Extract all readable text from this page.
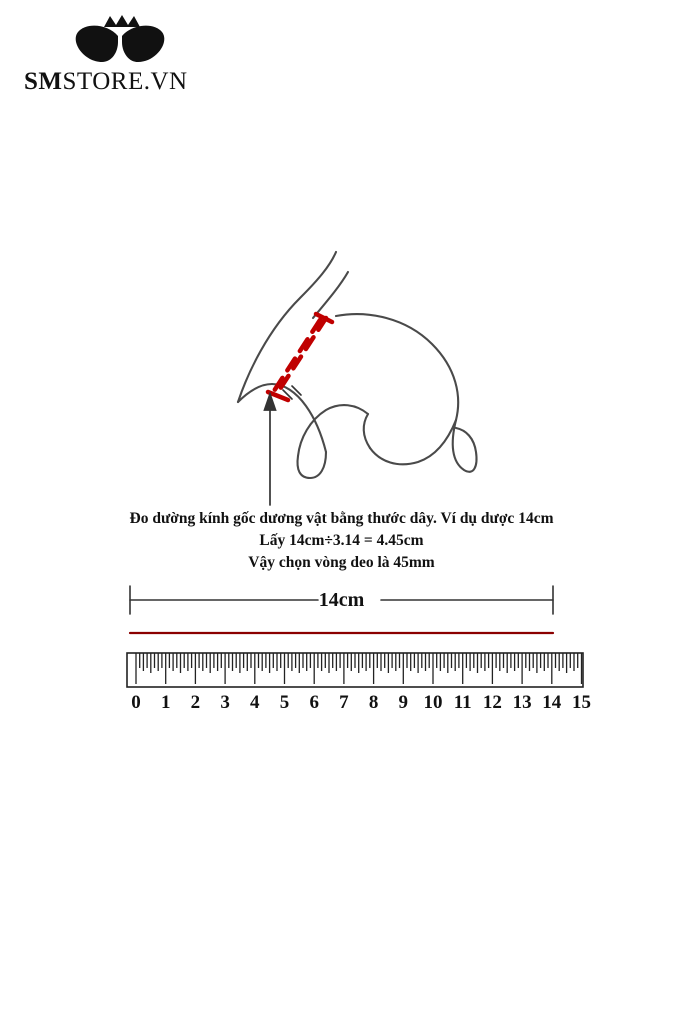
SMSTORE.VN
14cm
Đo dường kính gốc dương vật bằng thước dây. Ví dụ dược 14cm
Lấy 14cm÷3.14 = 4.45cm
Vậy chọn vòng deo là 45mm
0 1 2 3 4 5 6 7 8 9 10 11 12 13 14 15
